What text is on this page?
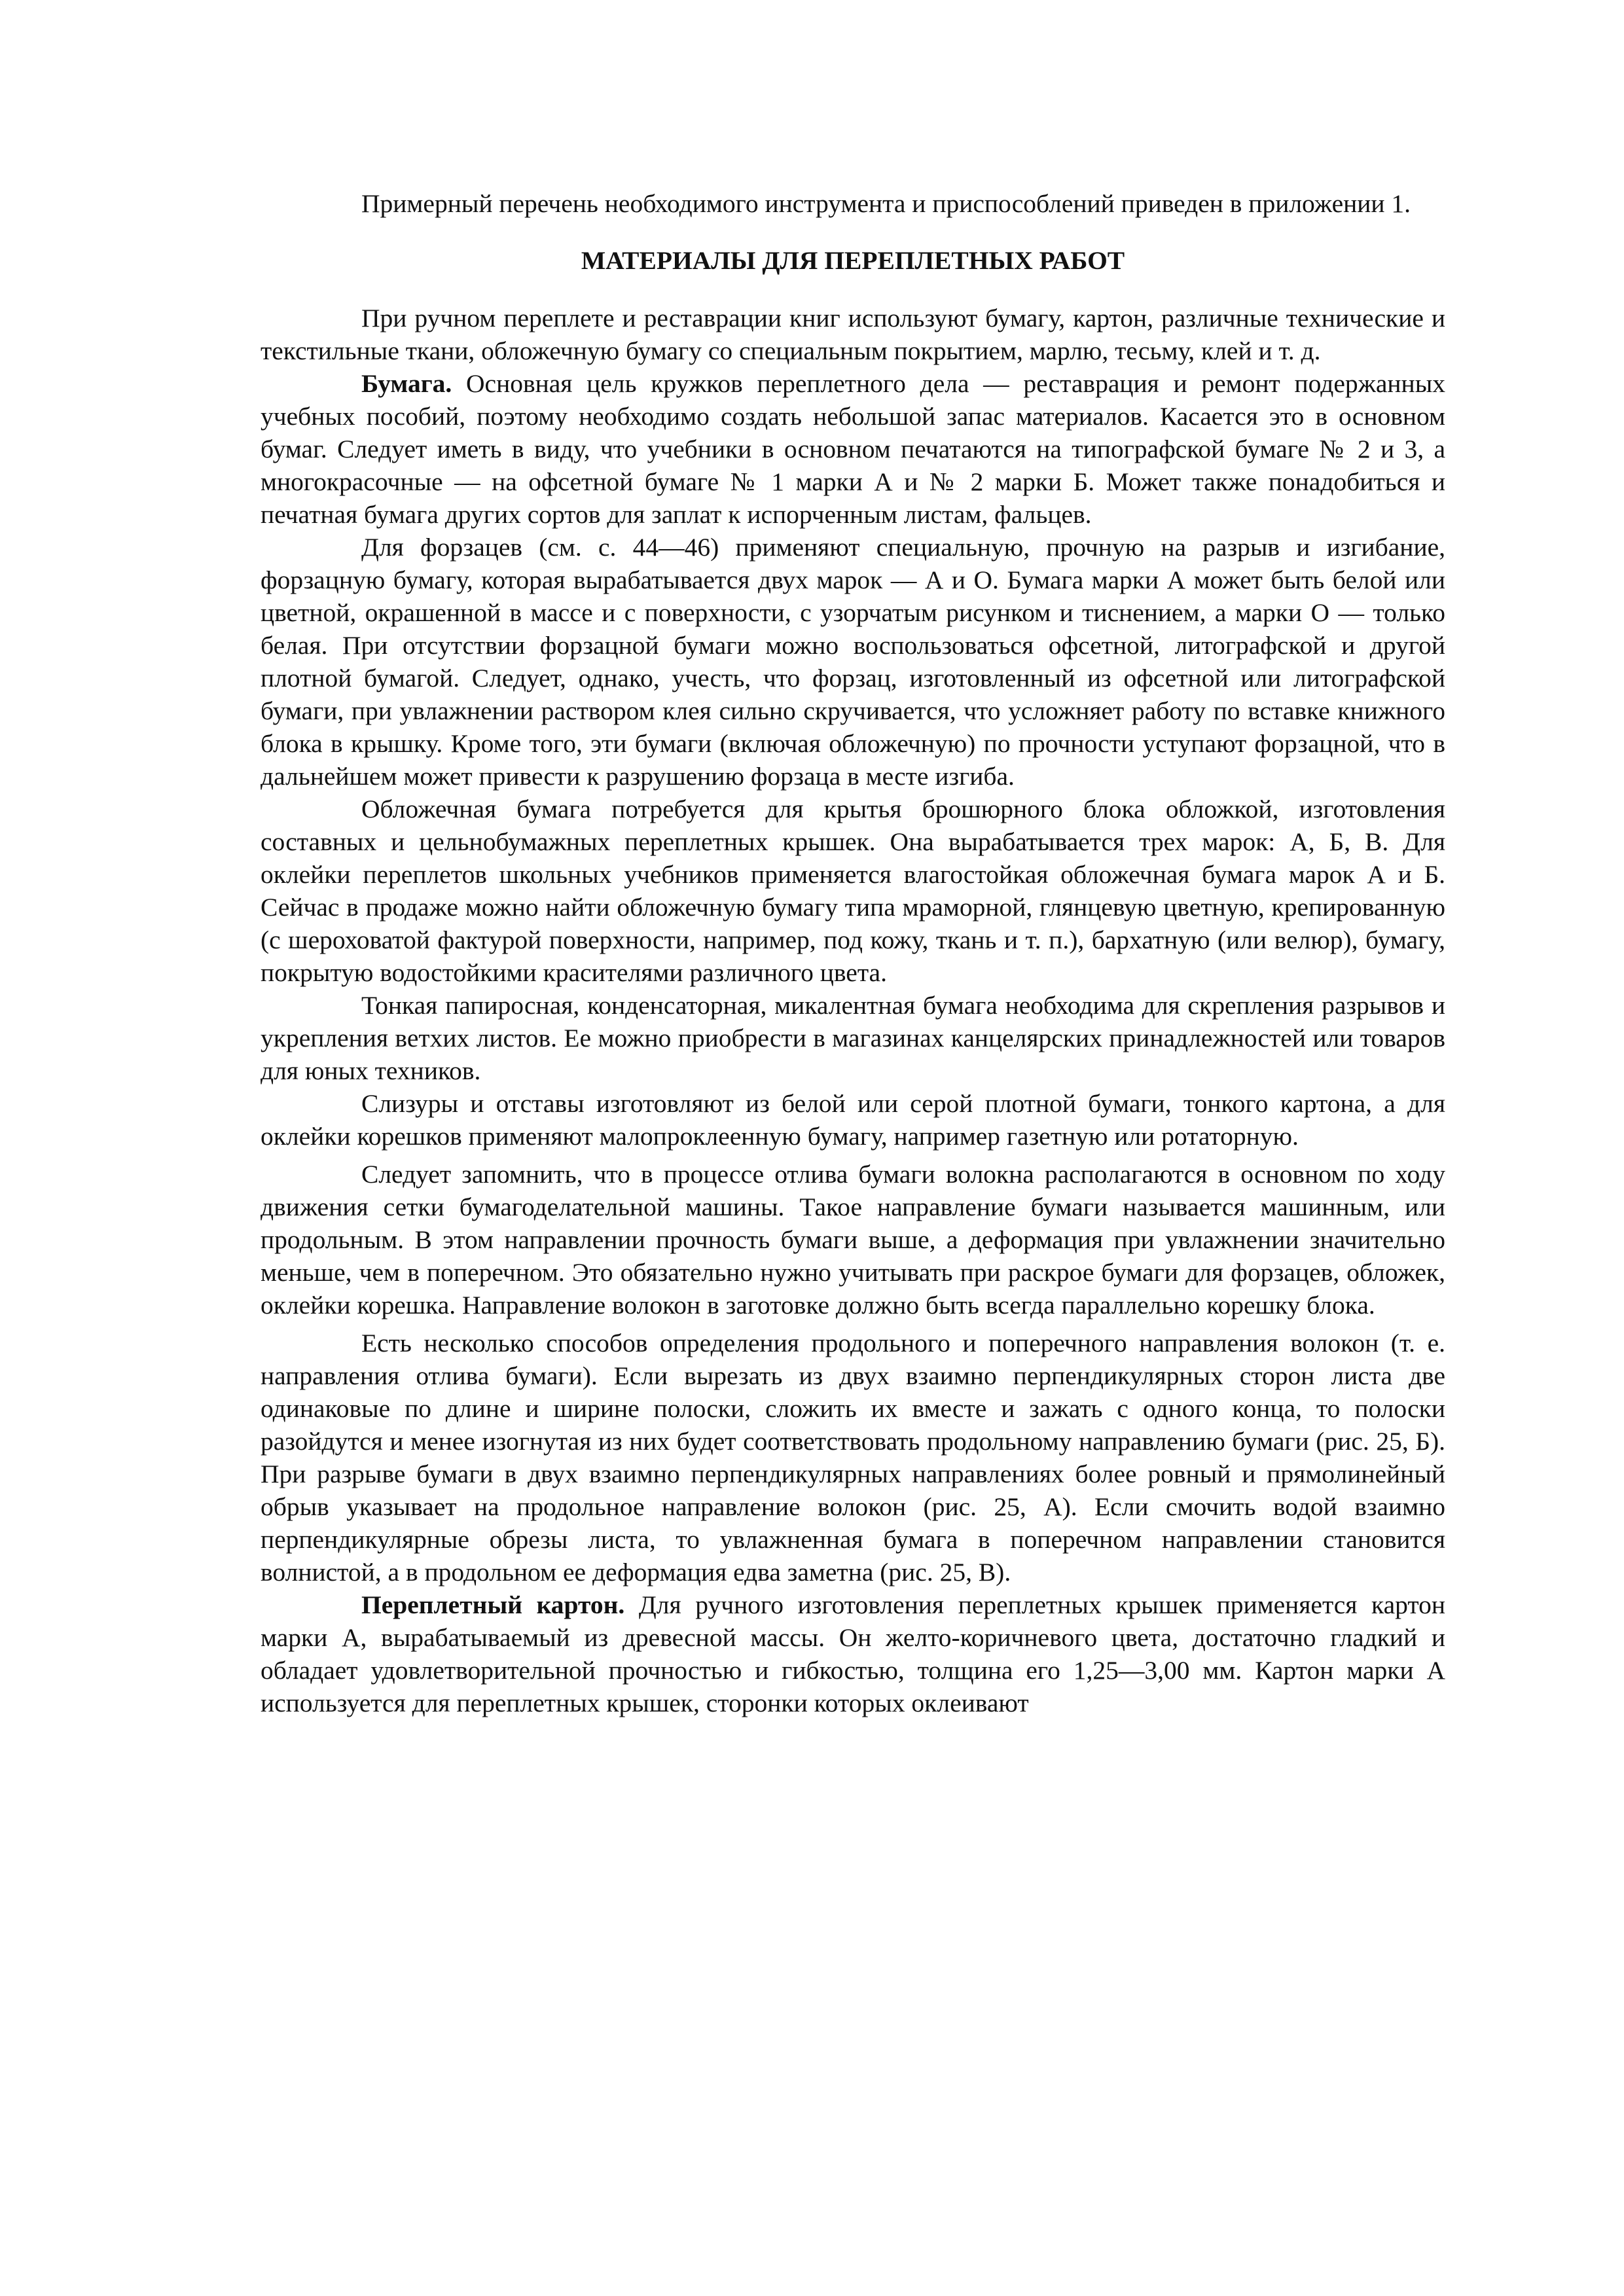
Примерный перечень необходимого инструмента и приспособлений приведен в приложении 1.

МАТЕРИАЛЫ ДЛЯ ПЕРЕПЛЕТНЫХ РАБОТ

При ручном переплете и реставрации книг используют бумагу, картон, различные технические и текстильные ткани, обложечную бумагу со специальным покрытием, марлю, тесьму, клей и т. д.

Бумага. Основная цель кружков переплетного дела — реставрация и ремонт подержанных учебных пособий, поэтому необходимо создать небольшой запас материалов. Касается это в основном бумаг. Следует иметь в виду, что учебники в основном печатаются на типографской бумаге № 2 и 3, а многокрасочные — на офсетной бумаге № 1 марки А и № 2 марки Б. Может также понадобиться и печатная бумага других сортов для заплат к испорченным листам, фальцев.

Для форзацев (см. с. 44—46) применяют специальную, прочную на разрыв и изгибание, форзацную бумагу, которая вырабатывается двух марок — А и О. Бумага марки А может быть белой или цветной, окрашенной в массе и с поверхности, с узорчатым рисунком и тиснением, а марки О — только белая. При отсутствии форзацной бумаги можно воспользоваться офсетной, литографской и другой плотной бумагой. Следует, однако, учесть, что форзац, изготовленный из офсетной или литографской бумаги, при увлажнении раствором клея сильно скручивается, что усложняет работу по вставке книжного блока в крышку. Кроме того, эти бумаги (включая обложечную) по прочности уступают форзацной, что в дальнейшем может привести к разрушению форзаца в месте изгиба.

Обложечная бумага потребуется для крытья брошюрного блока обложкой, изготовления составных и цельнобумажных переплетных крышек. Она вырабатывается трех марок: А, Б, В. Для оклейки переплетов школьных учебников применяется влагостойкая обложечная бумага марок А и Б. Сейчас в продаже можно найти обложечную бумагу типа мраморной, глянцевую цветную, крепированную (с шероховатой фактурой поверхности, например, под кожу, ткань и т. п.), бархатную (или велюр), бумагу, покрытую водостойкими красителями различного цвета.

Тонкая папиросная, конденсаторная, микалентная бумага необходима для скрепления разрывов и укрепления ветхих листов. Ее можно приобрести в магазинах канцелярских принадлежностей или товаров для юных техников.

Слизуры и отставы изготовляют из белой или серой плотной бумаги, тонкого картона, а для оклейки корешков применяют малопроклеенную бумагу, например газетную или ротаторную.

Следует запомнить, что в процессе отлива бумаги волокна располагаются в основном по ходу движения сетки бумагоделательной машины. Такое направление бумаги называется машинным, или продольным. В этом направлении прочность бумаги выше, а деформация при увлажнении значительно меньше, чем в поперечном. Это обязательно нужно учитывать при раскрое бумаги для форзацев, обложек, оклейки корешка. Направление волокон в заготовке должно быть всегда параллельно корешку блока.

Есть несколько способов определения продольного и поперечного направления волокон (т. е. направления отлива бумаги). Если вырезать из двух взаимно перпендикулярных сторон листа две одинаковые по длине и ширине полоски, сложить их вместе и зажать с одного конца, то полоски разойдутся и менее изогнутая из них будет соответствовать продольному направлению бумаги (рис. 25, Б). При разрыве бумаги в двух взаимно перпендикулярных направлениях более ровный и прямолинейный обрыв указывает на продольное направление волокон (рис. 25, А). Если смочить водой взаимно перпендикулярные обрезы листа, то увлажненная бумага в поперечном направлении становится волнистой, а в продольном ее деформация едва заметна (рис. 25, В).

Переплетный картон. Для ручного изготовления переплетных крышек применяется картон марки А, вырабатываемый из древесной массы. Он желто-коричневого цвета, достаточно гладкий и обладает удовлетворительной прочностью и гибкостью, толщина его 1,25—3,00 мм. Картон марки А используется для переплетных крышек, сторонки которых оклеивают
